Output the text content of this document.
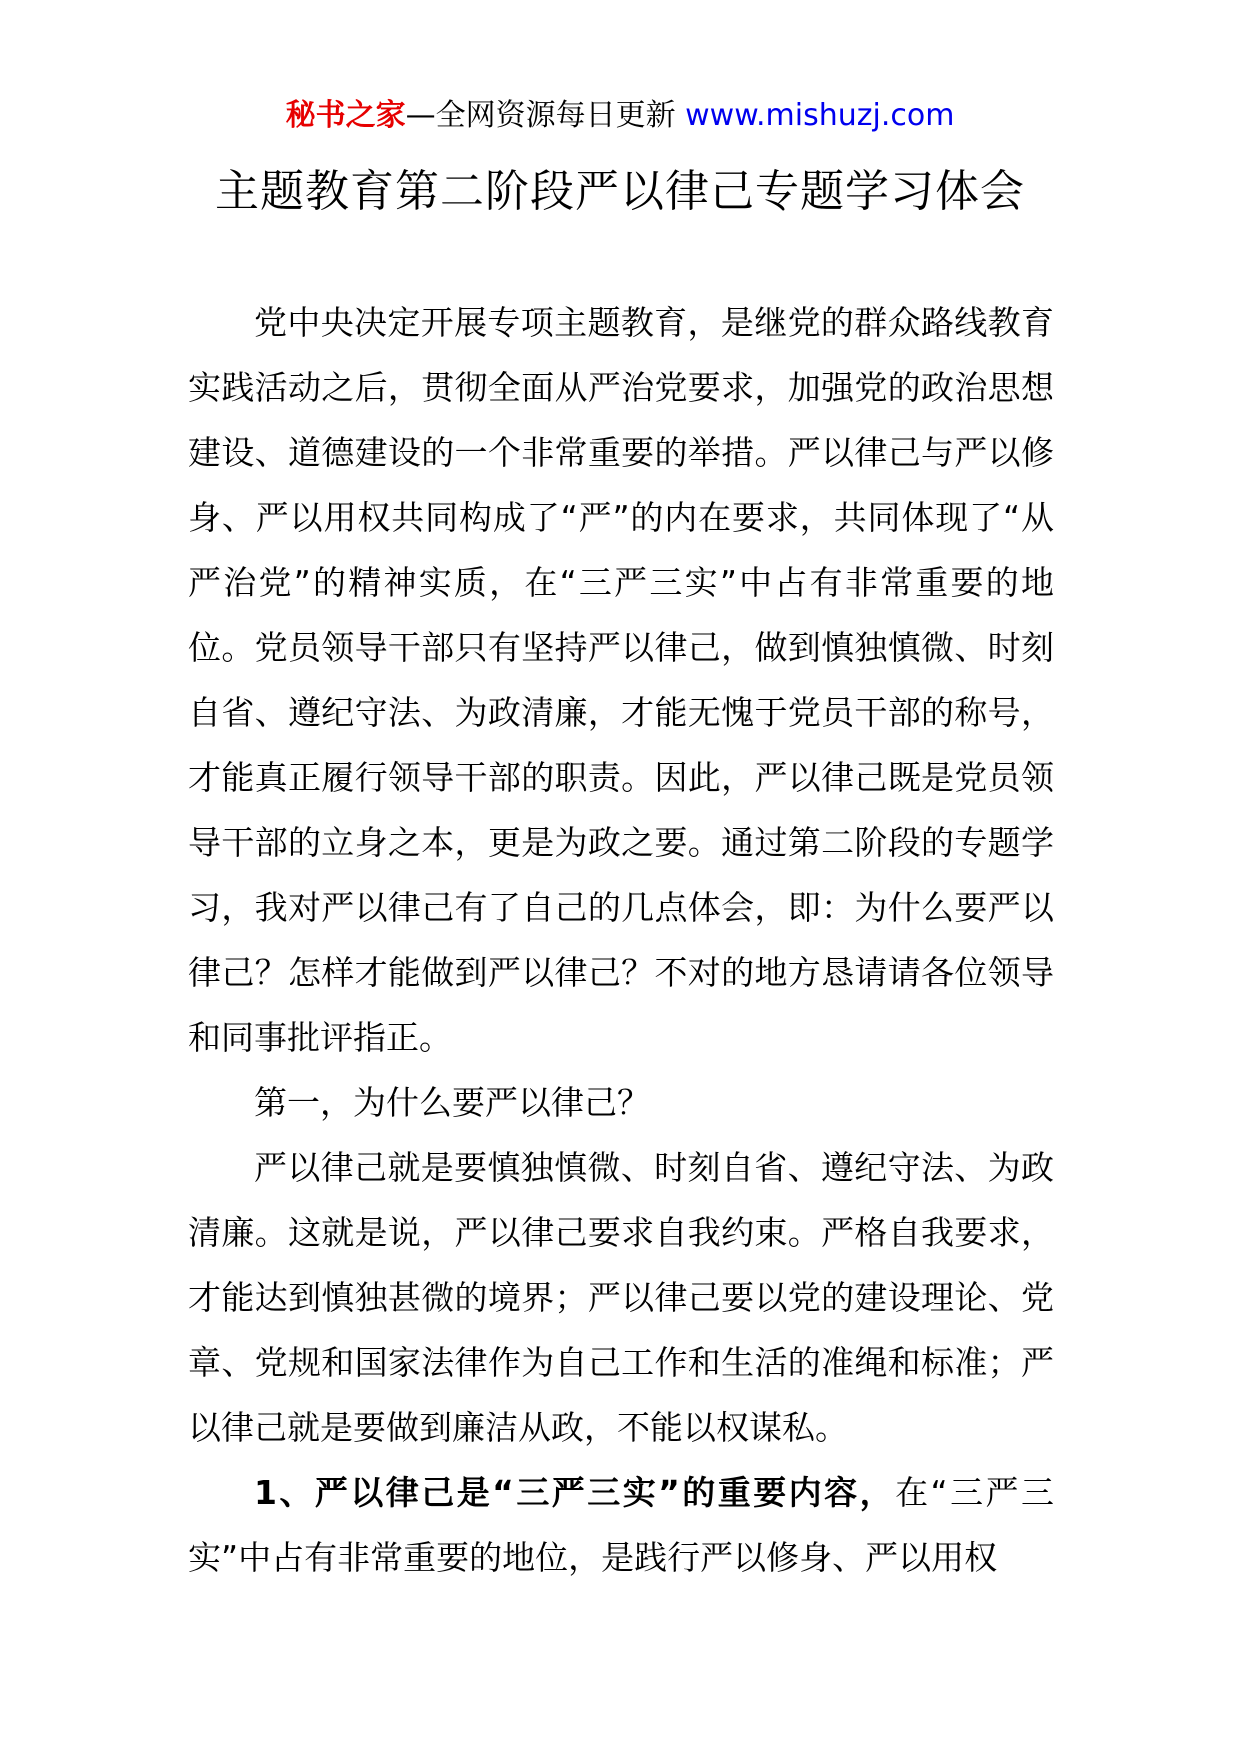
秘书之家—全网资源每日更新 www.mishuzj.com
主题教育第二阶段严以律己专题学习体会

党中央决定开展专项主题教育，是继党的群众路线教育实践活动之后，贯彻全面从严治党要求，加强党的政治思想建设、道德建设的一个非常重要的举措。严以律己与严以修身、严以用权共同构成了“严”的内在要求，共同体现了“从严治党”的精神实质，在“三严三实”中占有非常重要的地位。党员领导干部只有坚持严以律己，做到慎独慎微、时刻自省、遵纪守法、为政清廉，才能无愧于党员干部的称号，才能真正履行领导干部的职责。因此，严以律己既是党员领导干部的立身之本，更是为政之要。通过第二阶段的专题学习，我对严以律己有了自己的几点体会，即：为什么要严以律己？怎样才能做到严以律己？不对的地方恳请请各位领导和同事批评指正。

第一，为什么要严以律己？

严以律己就是要慎独慎微、时刻自省、遵纪守法、为政清廉。这就是说，严以律己要求自我约束。严格自我要求，才能达到慎独甚微的境界；严以律己要以党的建设理论、党章、党规和国家法律作为自己工作和生活的准绳和标准；严以律己就是要做到廉洁从政，不能以权谋私。

1、严以律己是“三严三实”的重要内容，在“三严三实”中占有非常重要的地位，是践行严以修身、严以用权
